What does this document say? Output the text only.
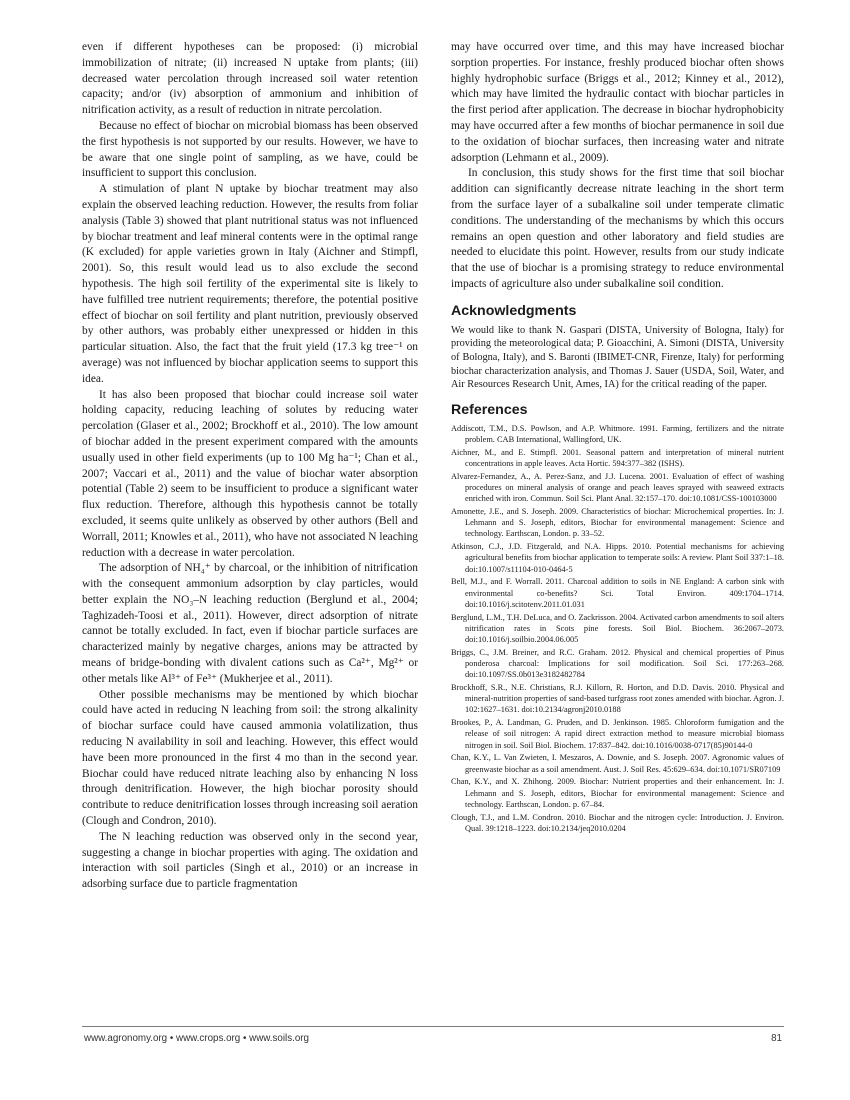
even if different hypotheses can be proposed: (i) microbial immobilization of nitrate; (ii) increased N uptake from plants; (iii) decreased water percolation through increased soil water retention capacity; and/or (iv) absorption of ammonium and inhibition of nitrification activity, as a result of reduction in nitrate percolation.

Because no effect of biochar on microbial biomass has been observed the first hypothesis is not supported by our results. However, we have to be aware that one single point of sampling, as we have, could be insufficient to support this conclusion.

A stimulation of plant N uptake by biochar treatment may also explain the observed leaching reduction. However, the results from foliar analysis (Table 3) showed that plant nutritional status was not influenced by biochar treatment and leaf mineral contents were in the optimal range (K excluded) for apple varieties grown in Italy (Aichner and Stimpfl, 2001). So, this result would lead us to also exclude the second hypothesis. The high soil fertility of the experimental site is likely to have fulfilled tree nutrient requirements; therefore, the potential positive effect of biochar on soil fertility and plant nutrition, previously observed by other authors, was probably either unexpressed or hidden in this particular situation. Also, the fact that the fruit yield (17.3 kg tree⁻¹ on average) was not influenced by biochar application seems to support this idea.

It has also been proposed that biochar could increase soil water holding capacity, reducing leaching of solutes by reducing water percolation (Glaser et al., 2002; Brockhoff et al., 2010). The low amount of biochar added in the present experiment compared with the amounts usually used in other field experiments (up to 100 Mg ha⁻¹; Chan et al., 2007; Vaccari et al., 2011) and the value of biochar water absorption potential (Table 2) seem to be insufficient to produce a significant water flux reduction. Therefore, although this hypothesis cannot be totally excluded, it seems quite unlikely as observed by other authors (Bell and Worrall, 2011; Knowles et al., 2011), who have not associated N leaching reduction with a decrease in water percolation.

The adsorption of NH₄⁺ by charcoal, or the inhibition of nitrification with the consequent ammonium adsorption by clay particles, would better explain the NO₃–N leaching reduction (Berglund et al., 2004; Taghizadeh-Toosi et al., 2011). However, direct adsorption of nitrate cannot be totally excluded. In fact, even if biochar particle surfaces are characterized mainly by negative charges, anions may be attracted by means of bridge-bonding with divalent cations such as Ca²⁺, Mg²⁺ or other metals like Al³⁺ of Fe³⁺ (Mukherjee et al., 2011).

Other possible mechanisms may be mentioned by which biochar could have acted in reducing N leaching from soil: the strong alkalinity of biochar surface could have caused ammonia volatilization, thus reducing N availability in soil and leaching. However, this effect would have been more pronounced in the first 4 mo than in the second year. Biochar could have reduced nitrate leaching also by enhancing N loss through denitrification. However, the high biochar porosity should contribute to reduce denitrification losses through increasing soil aeration (Clough and Condron, 2010).

The N leaching reduction was observed only in the second year, suggesting a change in biochar properties with aging. The oxidation and interaction with soil particles (Singh et al., 2010) or an increase in adsorbing surface due to particle fragmentation

may have occurred over time, and this may have increased biochar sorption properties. For instance, freshly produced biochar often shows highly hydrophobic surface (Briggs et al., 2012; Kinney et al., 2012), which may have limited the hydraulic contact with biochar particles in the first period after application. The decrease in biochar hydrophobicity may have occurred after a few months of biochar permanence in soil due to the oxidation of biochar surfaces, then increasing water and nitrate adsorption (Lehmann et al., 2009).

In conclusion, this study shows for the first time that soil biochar addition can significantly decrease nitrate leaching in the short term from the surface layer of a subalkaline soil under temperate climatic conditions. The understanding of the mechanisms by which this occurs remains an open question and other laboratory and field studies are needed to elucidate this point. However, results from our study indicate that the use of biochar is a promising strategy to reduce environmental impacts of agriculture also under subalkaline soil condition.

Acknowledgments

We would like to thank N. Gaspari (DISTA, University of Bologna, Italy) for providing the meteorological data; P. Gioacchini, A. Simoni (DISTA, University of Bologna, Italy), and S. Baronti (IBIMET-CNR, Firenze, Italy) for performing biochar characterization analysis, and Thomas J. Sauer (USDA, Soil, Water, and Air Resources Research Unit, Ames, IA) for the critical reading of the paper.

References
Addiscott, T.M., D.S. Powlson, and A.P. Whitmore. 1991. Farming, fertilizers and the nitrate problem. CAB International, Wallingford, UK.
Aichner, M., and E. Stimpfl. 2001. Seasonal pattern and interpretation of mineral nutrient concentrations in apple leaves. Acta Hortic. 594:377–382 (ISHS).
Alvarez-Fernandez, A., A. Perez-Sanz, and J.J. Lucena. 2001. Evaluation of effect of washing procedures on mineral analysis of orange and peach leaves sprayed with seaweed extracts enriched with iron. Commun. Soil Sci. Plant Anal. 32:157–170. doi:10.1081/CSS-100103000
Amonette, J.E., and S. Joseph. 2009. Characteristics of biochar: Microchemical properties. In: J. Lehmann and S. Joseph, editors, Biochar for environmental management: Science and technology. Earthscan, London. p. 33–52.
Atkinson, C.J., J.D. Fitzgerald, and N.A. Hipps. 2010. Potential mechanisms for achieving agricultural benefits from biochar application to temperate soils: A review. Plant Soil 337:1–18. doi:10.1007/s11104-010-0464-5
Bell, M.J., and F. Worrall. 2011. Charcoal addition to soils in NE England: A carbon sink with environmental co-benefits? Sci. Total Environ. 409:1704–1714. doi:10.1016/j.scitotenv.2011.01.031
Berglund, L.M., T.H. DeLuca, and O. Zackrisson. 2004. Activated carbon amendments to soil alters nitrification rates in Scots pine forests. Soil Biol. Biochem. 36:2067–2073. doi:10.1016/j.soilbio.2004.06.005
Briggs, C., J.M. Breiner, and R.C. Graham. 2012. Physical and chemical properties of Pinus ponderosa charcoal: Implications for soil modification. Soil Sci. 177:263–268. doi:10.1097/SS.0b013e3182482784
Brockhoff, S.R., N.E. Christians, R.J. Killorn, R. Horton, and D.D. Davis. 2010. Physical and mineral-nutrition properties of sand-based turfgrass root zones amended with biochar. Agron. J. 102:1627–1631. doi:10.2134/agronj2010.0188
Brookes, P., A. Landman, G. Pruden, and D. Jenkinson. 1985. Chloroform fumigation and the release of soil nitrogen: A rapid direct extraction method to measure microbial biomass nitrogen in soil. Soil Biol. Biochem. 17:837–842. doi:10.1016/0038-0717(85)90144-0
Chan, K.Y., L. Van Zwieten, I. Meszaros, A. Downie, and S. Joseph. 2007. Agronomic values of greenwaste biochar as a soil amendment. Aust. J. Soil Res. 45:629–634. doi:10.1071/SR07109
Chan, K.Y., and X. Zhihong. 2009. Biochar: Nutrient properties and their enhancement. In: J. Lehmann and S. Joseph, editors, Biochar for environmental management: Science and technology. Earthscan, London. p. 67–84.
Clough, T.J., and L.M. Condron. 2010. Biochar and the nitrogen cycle: Introduction. J. Environ. Qual. 39:1218–1223. doi:10.2134/jeq2010.0204
www.agronomy.org • www.crops.org • www.soils.org	81
